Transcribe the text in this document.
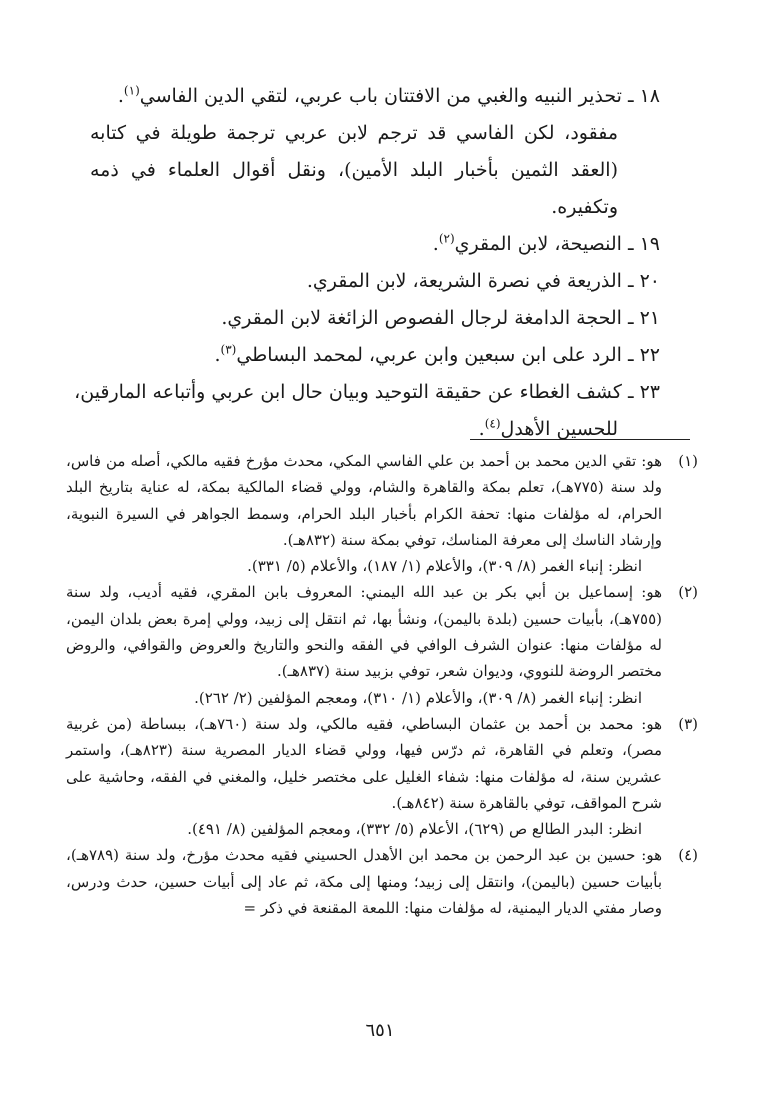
١٨ ـ تحذير النبيه والغبي من الافتتان باب عربي، لتقي الدين الفاسي$^{(١)}$.
مفقود، لكن الفاسي قد ترجم لابن عربي ترجمة طويلة في كتابه (العقد الثمين بأخبار البلد الأمين)، ونقل أقوال العلماء في ذمه وتكفيره.
١٩ ـ النصيحة، لابن المقري$^{(٢)}$.
٢٠ ـ الذريعة في نصرة الشريعة، لابن المقري.
٢١ ـ الحجة الدامغة لرجال الفصوص الزائغة لابن المقري.
٢٢ ـ الرد على ابن سبعين وابن عربي، لمحمد البساطي$^{(٣)}$.
٢٣ ـ كشف الغطاء عن حقيقة التوحيد وبيان حال ابن عربي وأتباعه المارقين،
للحسين الأهدل$^{(٤)}$.
(١)
هو: تقي الدين محمد بن أحمد بن علي الفاسي المكي، محدث مؤرخ فقيه مالكي، أصله من فاس، ولد سنة (٧٧٥هـ)، تعلم بمكة والقاهرة والشام، وولي قضاء المالكية بمكة، له عناية بتاريخ البلد الحرام، له مؤلفات منها: تحفة الكرام بأخبار البلد الحرام، وسمط الجواهر في السيرة النبوية، وإرشاد الناسك إلى معرفة المناسك، توفي بمكة سنة (٨٣٢هـ).
انظر: إنباء الغمر (٨/ ٣٠٩)، والأعلام (١/ ١٨٧)، والأعلام (٥/ ٣٣١).
(٢)
هو: إسماعيل بن أبي بكر بن عبد الله اليمني: المعروف بابن المقري، فقيه أديب، ولد سنة (٧٥٥هـ)، بأبيات حسين (بلدة باليمن)، ونشأ بها، ثم انتقل إلى زبيد، وولي إمرة بعض بلدان اليمن، له مؤلفات منها: عنوان الشرف الوافي في الفقه والنحو والتاريخ والعروض والقوافي، والروض مختصر الروضة للنووي، وديوان شعر، توفي بزبيد سنة (٨٣٧هـ).
انظر: إنباء الغمر (٨/ ٣٠٩)، والأعلام (١/ ٣١٠)، ومعجم المؤلفين (٢/ ٢٦٢).
(٣)
هو: محمد بن أحمد بن عثمان البساطي، فقيه مالكي، ولد سنة (٧٦٠هـ)، ببساطة (من غربية مصر)، وتعلم في القاهرة، ثم درّس فيها، وولي قضاء الديار المصرية سنة (٨٢٣هـ)، واستمر عشرين سنة، له مؤلفات منها: شفاء الغليل على مختصر خليل، والمغني في الفقه، وحاشية على شرح المواقف، توفي بالقاهرة سنة (٨٤٢هـ).
انظر: البدر الطالع ص (٦٢٩)، الأعلام (٥/ ٣٣٢)، ومعجم المؤلفين (٨/ ٤٩١).
(٤)
هو: حسين بن عبد الرحمن بن محمد ابن الأهدل الحسيني فقيه محدث مؤرخ، ولد سنة (٧٨٩هـ)، بأبيات حسين (باليمن)، وانتقل إلى زبيد؛ ومنها إلى مكة، ثم عاد إلى أبيات حسين، حدث ودرس، وصار مفتي الديار اليمنية، له مؤلفات منها: اللمعة المقنعة في ذكر =
٦٥١
